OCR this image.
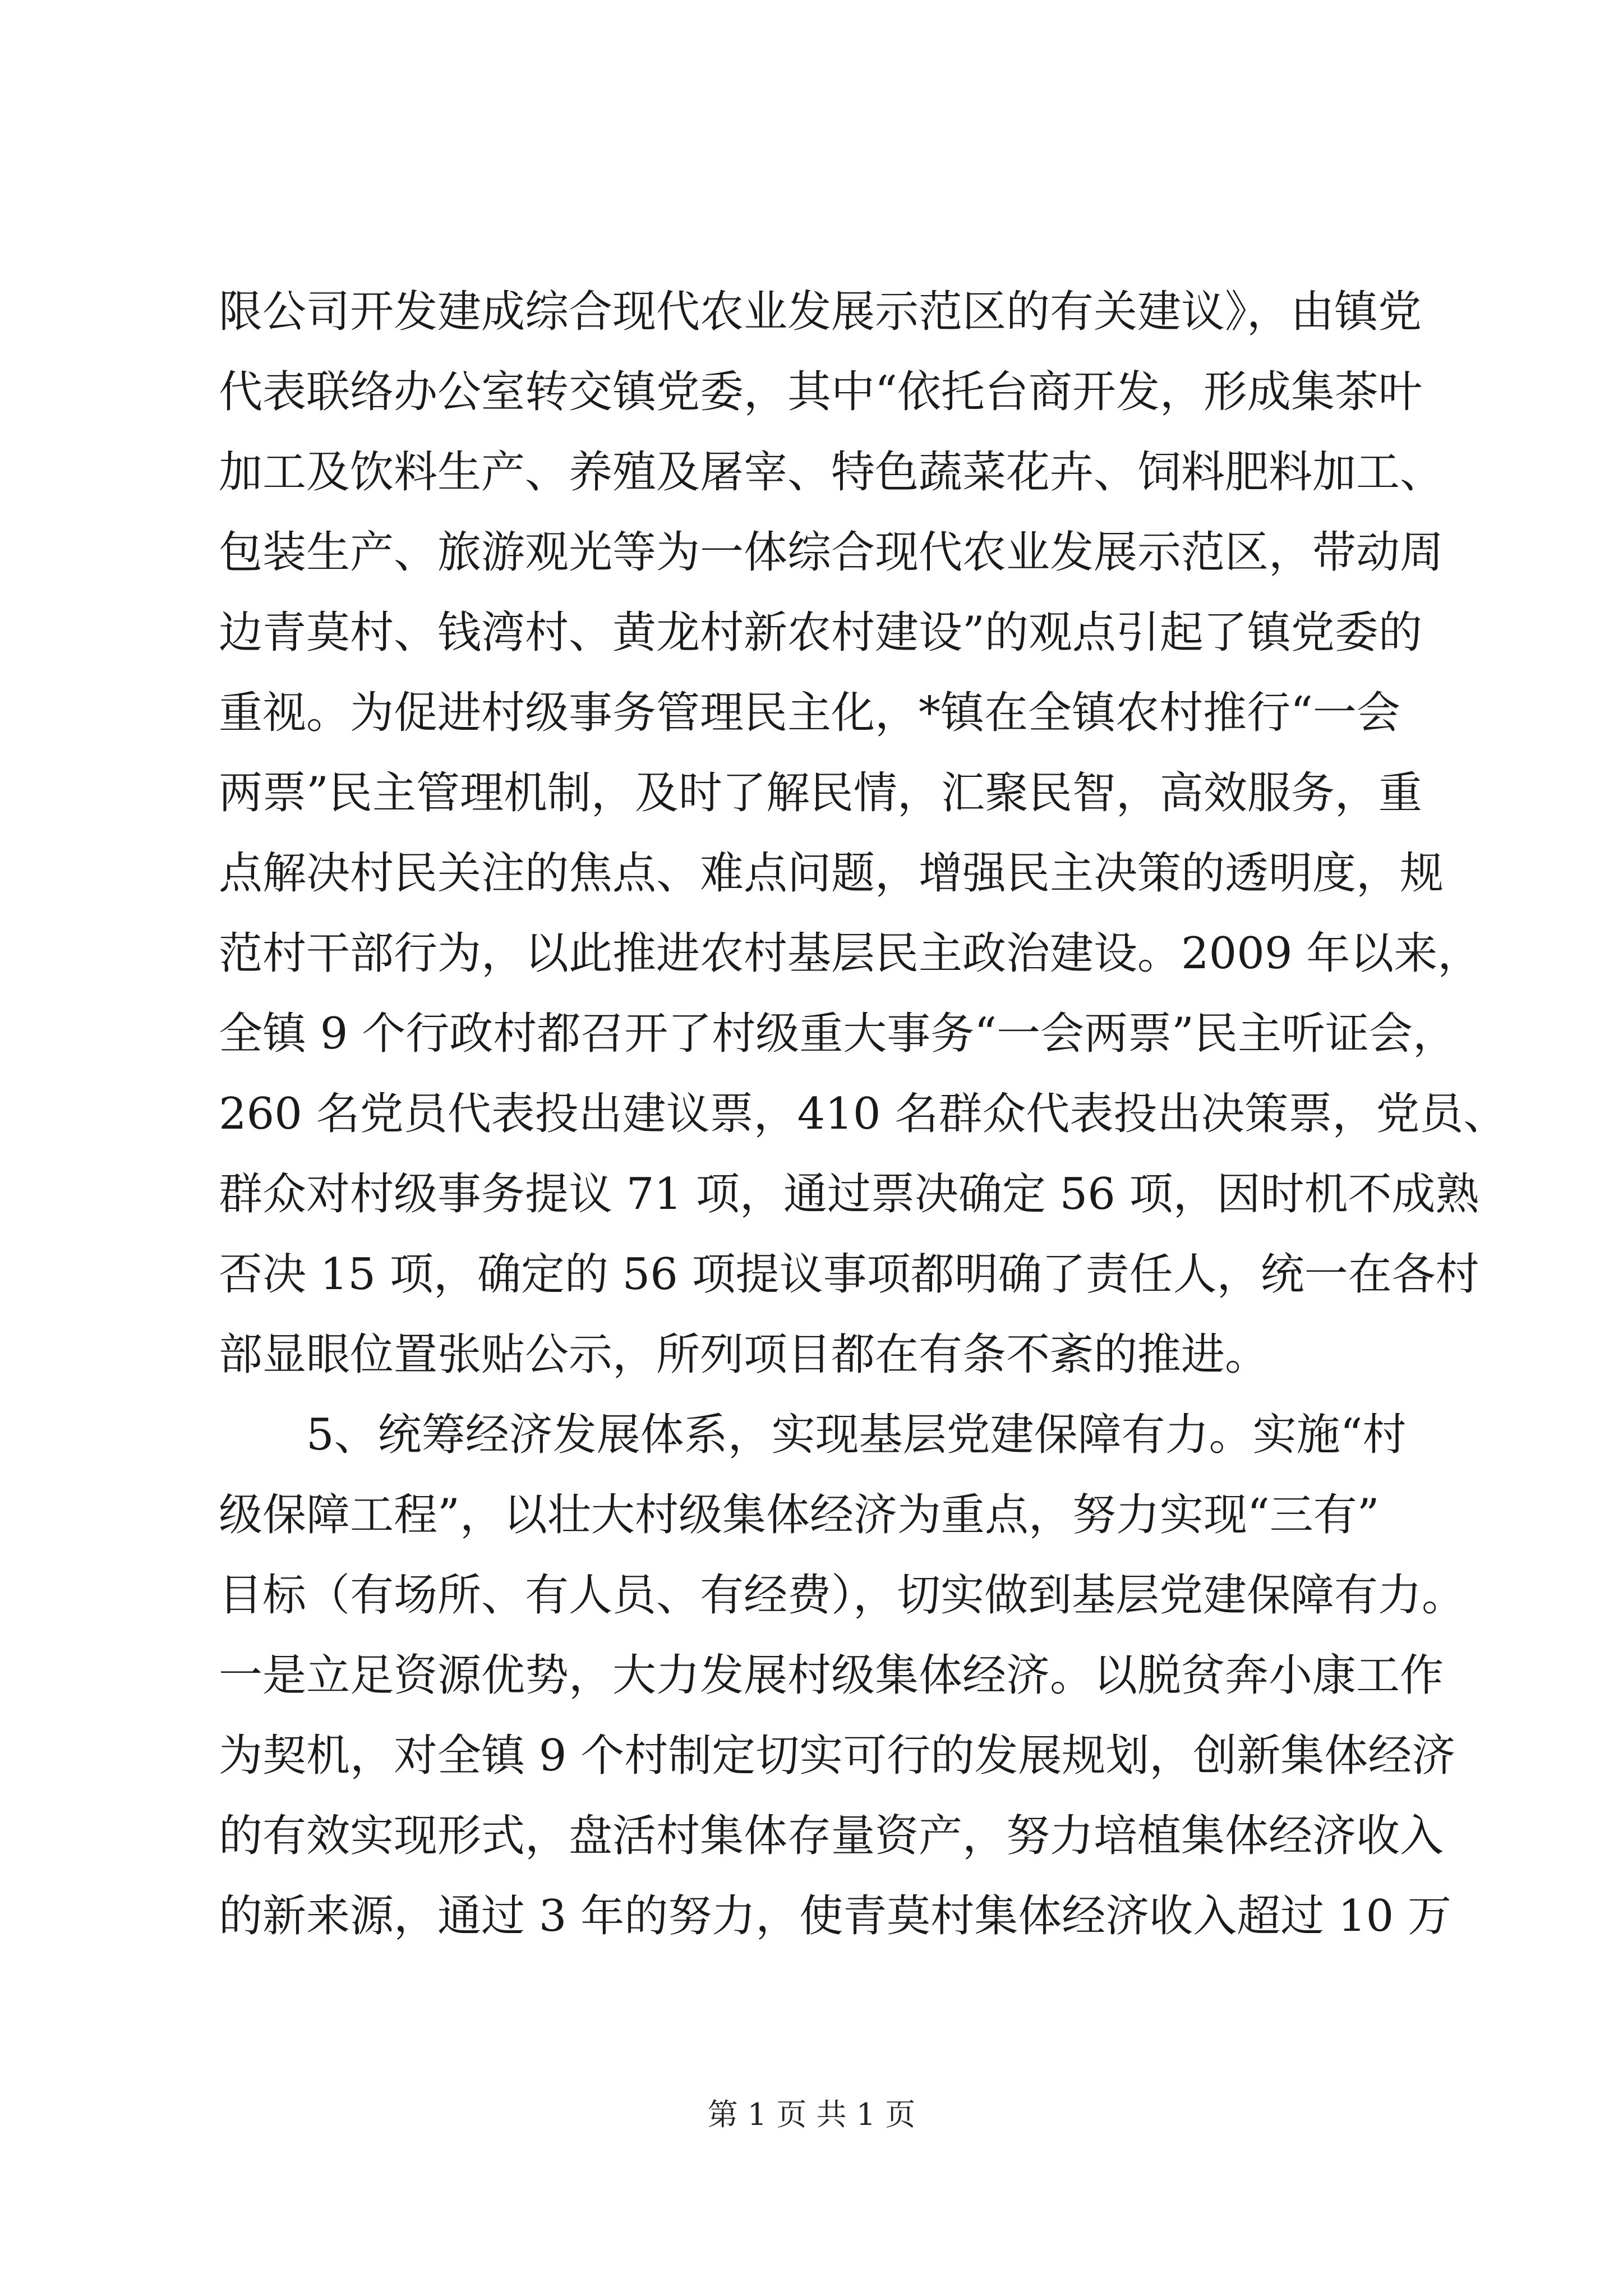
限公司开发建成综合现代农业发展示范区的有关建议》，由镇党
代表联络办公室转交镇党委，其中“依托台商开发，形成集茶叶
加工及饮料生产、养殖及屠宰、特色蔬菜花卉、饲料肥料加工、
包装生产、旅游观光等为一体综合现代农业发展示范区，带动周
边青莫村、钱湾村、黄龙村新农村建设”的观点引起了镇党委的
重视。为促进村级事务管理民主化，*镇在全镇农村推行“一会
两票”民主管理机制，及时了解民情，汇聚民智，高效服务，重
点解决村民关注的焦点、难点问题，增强民主决策的透明度，规
范村干部行为，以此推进农村基层民主政治建设。2009 年以来，
全镇 9 个行政村都召开了村级重大事务“一会两票”民主听证会，
260 名党员代表投出建议票，410 名群众代表投出决策票，党员、
群众对村级事务提议 71 项，通过票决确定 56 项，因时机不成熟
否决 15 项，确定的 56 项提议事项都明确了责任人，统一在各村
部显眼位置张贴公示，所列项目都在有条不紊的推进。
5、统筹经济发展体系，实现基层党建保障有力。实施“村
级保障工程”，以壮大村级集体经济为重点，努力实现“三有”
目标（有场所、有人员、有经费），切实做到基层党建保障有力。
一是立足资源优势，大力发展村级集体经济。以脱贫奔小康工作
为契机，对全镇 9 个村制定切实可行的发展规划，创新集体经济
的有效实现形式，盘活村集体存量资产，努力培植集体经济收入
的新来源，通过 3 年的努力，使青莫村集体经济收入超过 10 万
第 1 页 共 1 页
